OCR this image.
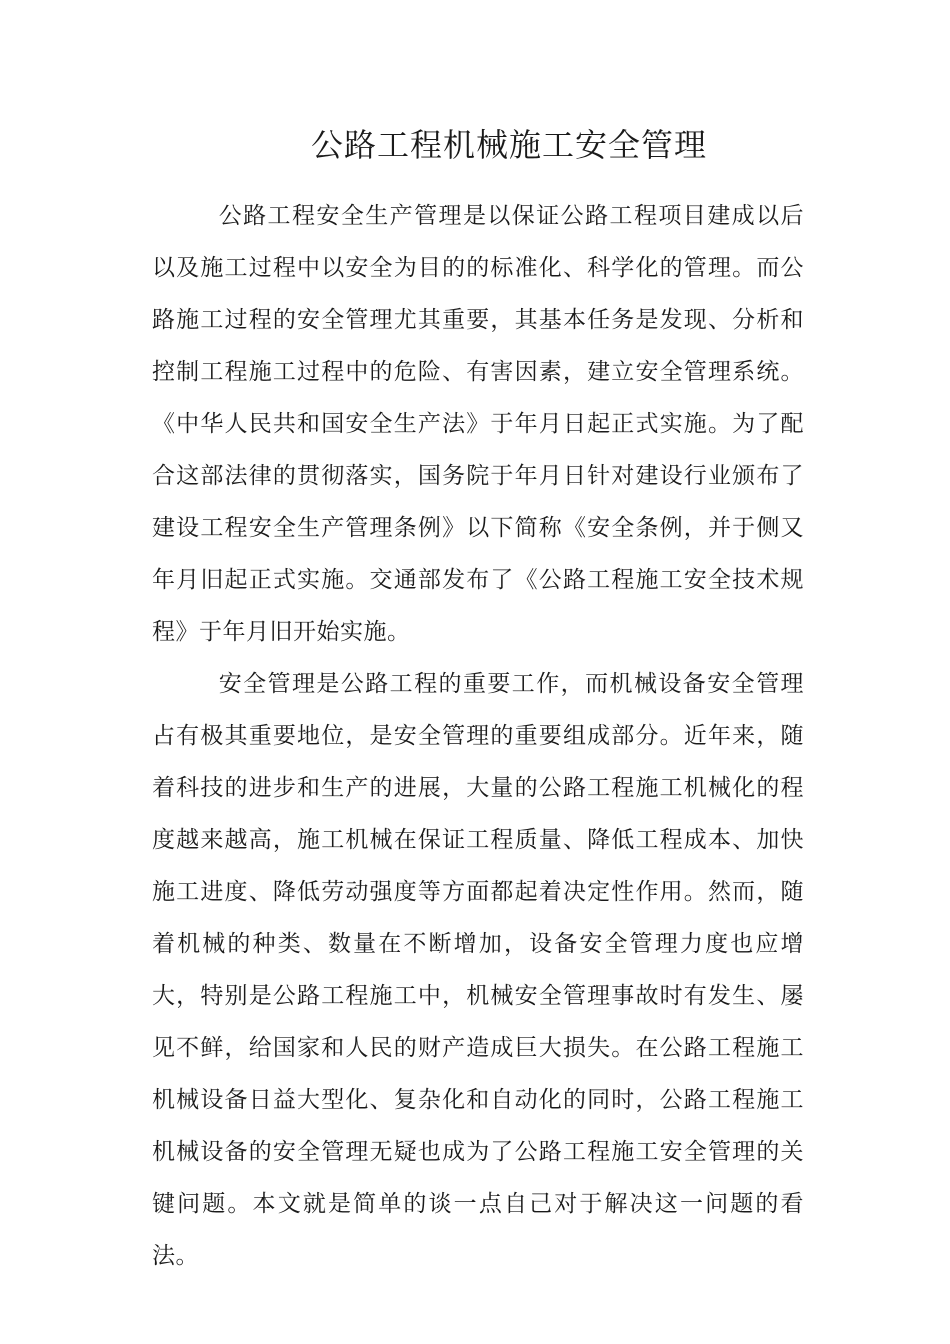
公路工程机械施工安全管理

公路工程安全生产管理是以保证公路工程项目建成以后以及施工过程中以安全为目的的标准化、科学化的管理。而公路施工过程的安全管理尤其重要，其基本任务是发现、分析和控制工程施工过程中的危险、有害因素，建立安全管理系统。《中华人民共和国安全生产法》于年月日起正式实施。为了配合这部法律的贯彻落实，国务院于年月日针对建设行业颁布了建设工程安全生产管理条例》以下简称《安全条例，并于侧又年月旧起正式实施。交通部发布了《公路工程施工安全技术规程》于年月旧开始实施。

安全管理是公路工程的重要工作，而机械设备安全管理占有极其重要地位，是安全管理的重要组成部分。近年来，随着科技的进步和生产的进展，大量的公路工程施工机械化的程度越来越高，施工机械在保证工程质量、降低工程成本、加快施工进度、降低劳动强度等方面都起着决定性作用。然而，随着机械的种类、数量在不断增加，设备安全管理力度也应增大，特别是公路工程施工中，机械安全管理事故时有发生、屡见不鲜，给国家和人民的财产造成巨大损失。在公路工程施工机械设备日益大型化、复杂化和自动化的同时，公路工程施工机械设备的安全管理无疑也成为了公路工程施工安全管理的关键问题。本文就是简单的谈一点自己对于解决这一问题的看法。
